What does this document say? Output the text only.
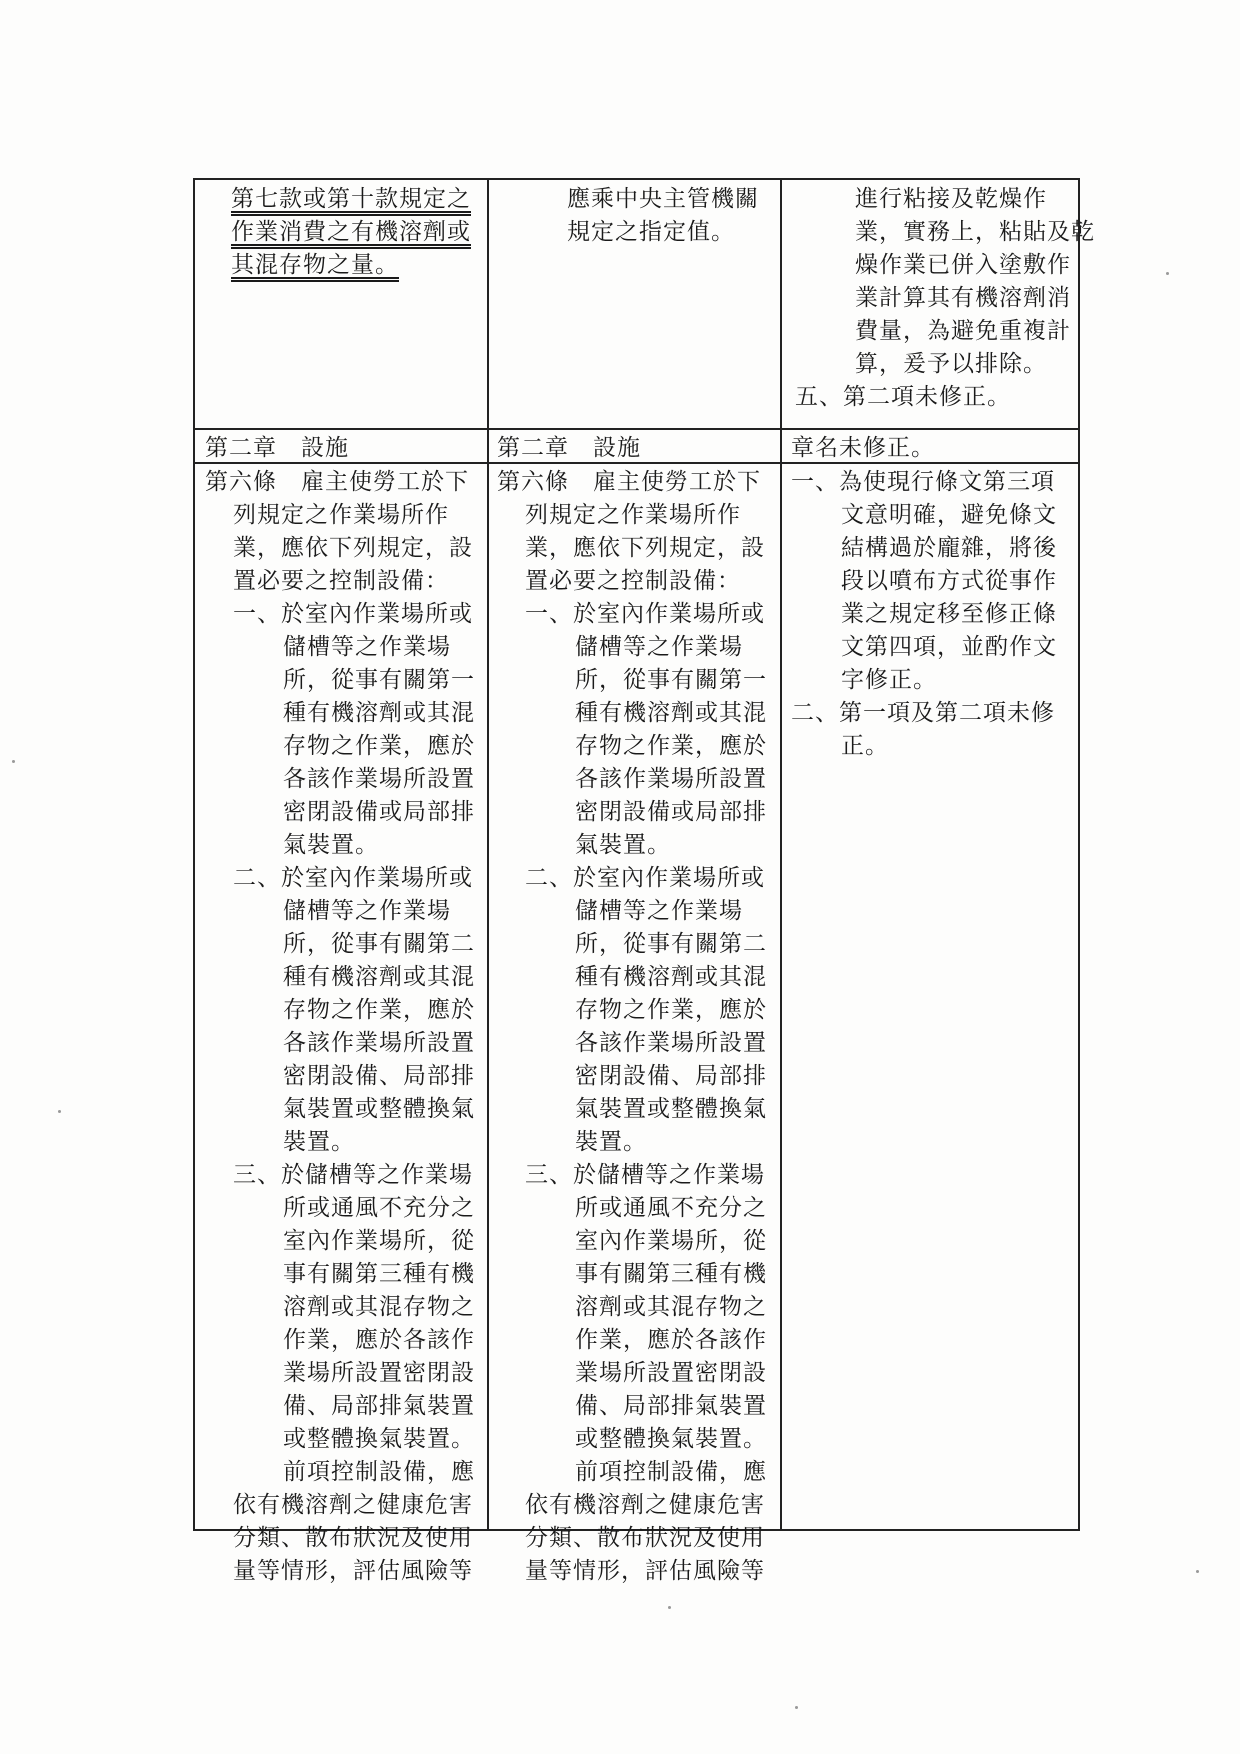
第七款或第十款規定之
作業消費之有機溶劑或
其混存物之量。
應乘中央主管機關
規定之指定值。
進行粘接及乾燥作
業，實務上，粘貼及乾
燥作業已併入塗敷作
業計算其有機溶劑消
費量，為避免重複計
算，爰予以排除。
五、第二項未修正。
第二章　設施	第二章　設施	章名未修正。
第六條　雇主使勞工於下
列規定之作業場所作
業，應依下列規定，設
置必要之控制設備：
一、於室內作業場所或
儲槽等之作業場
所，從事有關第一
種有機溶劑或其混
存物之作業，應於
各該作業場所設置
密閉設備或局部排
氣裝置。
二、於室內作業場所或
儲槽等之作業場
所，從事有關第二
種有機溶劑或其混
存物之作業，應於
各該作業場所設置
密閉設備、局部排
氣裝置或整體換氣
裝置。
三、於儲槽等之作業場
所或通風不充分之
室內作業場所，從
事有關第三種有機
溶劑或其混存物之
作業，應於各該作
業場所設置密閉設
備、局部排氣裝置
或整體換氣裝置。
前項控制設備，應
依有機溶劑之健康危害
分類、散布狀況及使用
量等情形，評估風險等
第六條　雇主使勞工於下
列規定之作業場所作
業，應依下列規定，設
置必要之控制設備：
一、於室內作業場所或
儲槽等之作業場
所，從事有關第一
種有機溶劑或其混
存物之作業，應於
各該作業場所設置
密閉設備或局部排
氣裝置。
二、於室內作業場所或
儲槽等之作業場
所，從事有關第二
種有機溶劑或其混
存物之作業，應於
各該作業場所設置
密閉設備、局部排
氣裝置或整體換氣
裝置。
三、於儲槽等之作業場
所或通風不充分之
室內作業場所，從
事有關第三種有機
溶劑或其混存物之
作業，應於各該作
業場所設置密閉設
備、局部排氣裝置
或整體換氣裝置。
前項控制設備，應
依有機溶劑之健康危害
分類、散布狀況及使用
量等情形，評估風險等
一、為使現行條文第三項
文意明確，避免條文
結構過於龐雜，將後
段以噴布方式從事作
業之規定移至修正條
文第四項，並酌作文
字修正。
二、第一項及第二項未修
正。
